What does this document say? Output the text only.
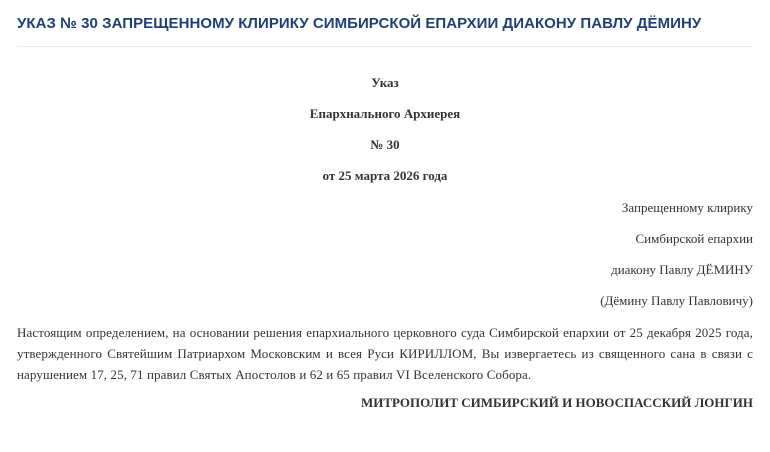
УКАЗ № 30 ЗАПРЕЩЕННОМУ КЛИРИКУ СИМБИРСКОЙ ЕПАРХИИ ДИАКОНУ ПАВЛУ ДЁМИНУ
Указ
Епархнального Архиерея
№ 30
от 25 марта 2026 года
Запрещенному клирику
Симбирской епархии
диакону Павлу ДЁМИНУ
(Дёмину Павлу Павловичу)

Настоящим определением, на основании решения епархиального церковного суда Симбирской епархии от 25 декабря 2025 года, утвержденного Святейшим Патриархом Московским и всея Руси КИРИЛЛОМ, Вы извергаетесь из священного сана в связи с нарушением 17, 25, 71 правил Святых Апостолов и 62 и 65 правил VI Вселенского Собора.

МИТРОПОЛИТ СИМБИРСКИЙ И НОВОСПАССКИЙ ЛОНГИН
